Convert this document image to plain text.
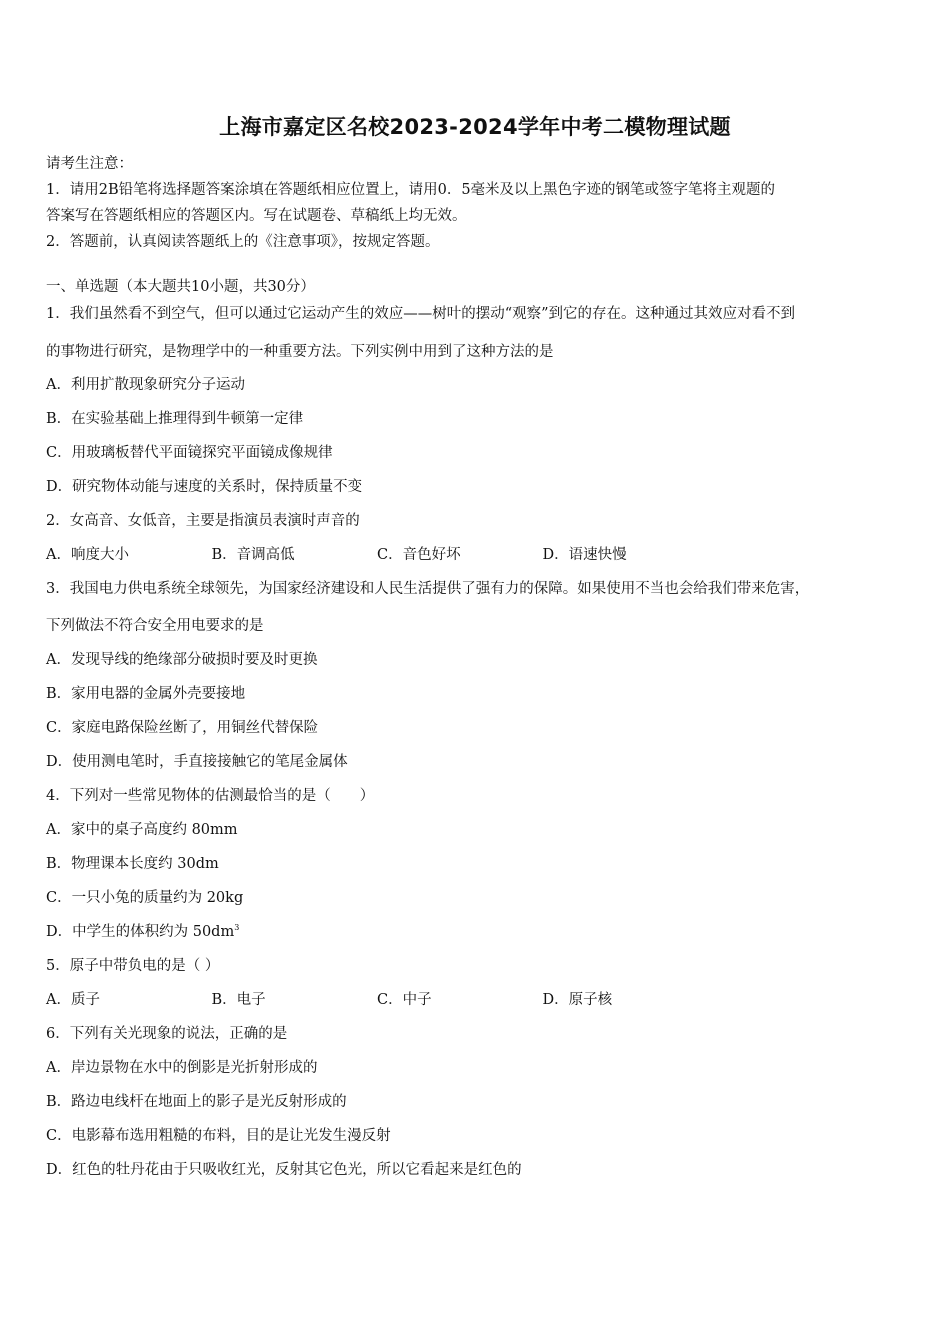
上海市嘉定区名校2023-2024学年中考二模物理试题
请考生注意：
1．请用2B铅笔将选择题答案涂填在答题纸相应位置上，请用0．5毫米及以上黑色字迹的钢笔或签字笔将主观题的
答案写在答题纸相应的答题区内。写在试题卷、草稿纸上均无效。
2．答题前，认真阅读答题纸上的《注意事项》，按规定答题。
一、单选题（本大题共10小题，共30分）
1．我们虽然看不到空气，但可以通过它运动产生的效应——树叶的摆动“观察”到它的存在。这种通过其效应对看不到
的事物进行研究，是物理学中的一种重要方法。下列实例中用到了这种方法的是
A．利用扩散现象研究分子运动
B．在实验基础上推理得到牛顿第一定律
C．用玻璃板替代平面镜探究平面镜成像规律
D．研究物体动能与速度的关系时，保持质量不变
2．女高音、女低音，主要是指演员表演时声音的
A．响度大小	B．音调高低	C．音色好坏	D．语速快慢
3．我国电力供电系统全球领先，为国家经济建设和人民生活提供了强有力的保障。如果使用不当也会给我们带来危害，
下列做法不符合安全用电要求的是
A．发现导线的绝缘部分破损时要及时更换
B．家用电器的金属外壳要接地
C．家庭电路保险丝断了，用铜丝代替保险
D．使用测电笔时，手直接接触它的笔尾金属体
4．下列对一些常见物体的估测最恰当的是（　　）
A．家中的桌子高度约 80mm
B．物理课本长度约 30dm
C．一只小兔的质量约为 20kg
D．中学生的体积约为 $50dm^3$
5．原子中带负电的是（ ）
A．质子	B．电子	C．中子	D．原子核
6．下列有关光现象的说法，正确的是
A．岸边景物在水中的倒影是光折射形成的
B．路边电线杆在地面上的影子是光反射形成的
C．电影幕布选用粗糙的布料，目的是让光发生漫反射
D．红色的牡丹花由于只吸收红光，反射其它色光，所以它看起来是红色的
